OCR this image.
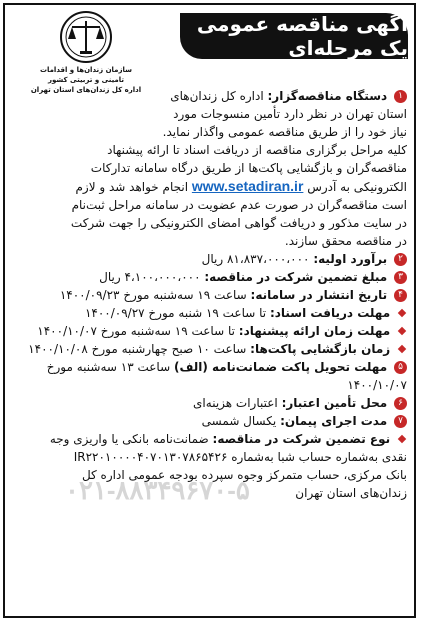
سازمان زندان‌ها و اقدامات
تامینی و تربیتی کشور
اداره کل زندان‌های استان تهران
آگهی مناقصه عمومی یک مرحله‌ای
۰۲۱-۸۸۳۴۹۶۷۰-۵

۱ دستگاه مناقصه‌گزار: اداره کل زندان‌های
استان تهران در نظر دارد تأمین منسوجات مورد
نیاز خود را از طریق مناقصه عمومی واگذار نماید.

کلیه مراحل برگزاری مناقصه از دریافت اسناد تا ارائه پیشنهاد
مناقصه‌گران و بازگشایی پاکت‌ها از طریق درگاه سامانه تدارکات
الکترونیکی به آدرس www.setadiran.ir انجام خواهد شد و لازم
است مناقصه‌گران در صورت عدم عضویت در سامانه مراحل ثبت‌نام
در سایت مذکور و دریافت گواهی امضای الکترونیکی را جهت شرکت
در مناقصه محقق سازند.

۲ برآورد اولیه: ۸۱،۸۳۷،۰۰۰،۰۰۰ ریال

۳ مبلغ تضمین شرکت در مناقصه: ۴،۱۰۰،۰۰۰،۰۰۰ ریال

۴ تاریخ انتشار در سامانه: ساعت ۱۹ سه‌شنبه مورخ ۱۴۰۰/۰۹/۲۳

مهلت دریافت اسناد: تا ساعت ۱۹ شنبه مورخ ۱۴۰۰/۰۹/۲۷

مهلت زمان ارائه پیشنهاد: تا ساعت ۱۹ سه‌شنبه مورخ ۱۴۰۰/۱۰/۰۷

زمان بازگشایی پاکت‌ها: ساعت ۱۰ صبح چهارشنبه مورخ ۱۴۰۰/۱۰/۰۸

۵ مهلت تحویل پاکت ضمانت‌نامه (الف) ساعت ۱۳ سه‌شنبه مورخ

۱۴۰۰/۱۰/۰۷

۶ محل تأمین اعتبار: اعتبارات هزینه‌ای

۷ مدت اجرای پیمان: یکسال شمسی

نوع تضمین شرکت در مناقصه: ضمانت‌نامه بانکی یا واریزی وجه
نقدی به‌شماره حساب شبا به‌شماره IR۲۲۰۱۰۰۰۰۴۰۷۰۱۳۰۷۸۶۵۴۲۶
بانک مرکزی، حساب متمرکز وجوه سپرده بودجه عمومی اداره کل
زندان‌های استان تهران
